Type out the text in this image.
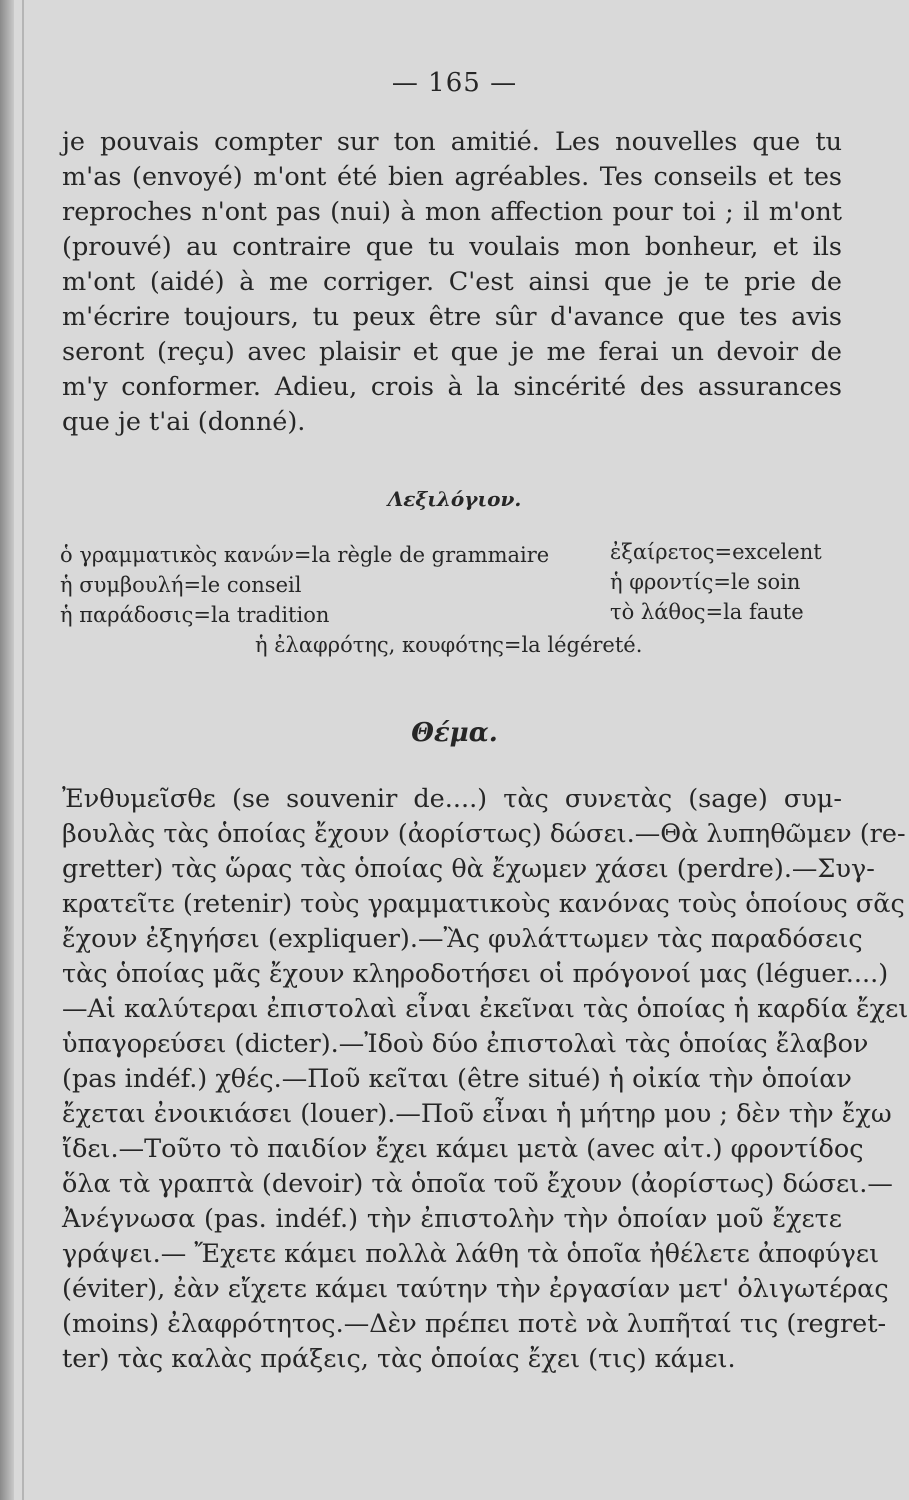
— 165 —
je pouvais compter sur ton amitié. Les nouvelles que tu
m'as (envoyé) m'ont été bien agréables. Tes conseils et tes
reproches n'ont pas (nui) à mon affection pour toi ; il m'ont
(prouvé) au contraire que tu voulais mon bonheur, et ils
m'ont (aidé) à me corriger. C'est ainsi que je te prie de
m'écrire toujours, tu peux être sûr d'avance que tes avis
seront (reçu) avec plaisir et que je me ferai un devoir de
m'y conformer. Adieu, crois à la sincérité des assurances
que je t'ai (donné).
Λεξιλόγιον.
ὁ γραμματικὸς κανών=la règle de grammaire
ἡ συμβουλή=le conseil
ἡ παράδοσις=la tradition
ἐξαίρετος=excelent
ἡ φροντίς=le soin
τὸ λάθος=la faute
ἡ ἐλαφρότης, κουφότης=la légéreté.
Θέμα.
Ἐνθυμεῖσθε (se souvenir de....) τὰς συνετὰς (sage) συμ-
βουλὰς τὰς ὁποίας ἔχουν (ἀορίστως) δώσει.—Θὰ λυπηθῶμεν (re-
gretter) τὰς ὥρας τὰς ὁποίας θὰ ἔχωμεν χάσει (perdre).—Συγ-
κρατεῖτε (retenir) τοὺς γραμματικοὺς κανόνας τοὺς ὁποίους σᾶς
ἔχουν ἐξηγήσει (expliquer).—Ἂς φυλάττωμεν τὰς παραδόσεις
τὰς ὁποίας μᾶς ἔχουν κληροδοτήσει οἱ πρόγονοί μας (léguer....)
—Αἱ καλύτεραι ἐπιστολαὶ εἶναι ἐκεῖναι τὰς ὁποίας ἡ καρδία ἔχει
ὑπαγορεύσει (dicter).—Ἰδοὺ δύο ἐπιστολαὶ τὰς ὁποίας ἔλαβον
(pas indéf.) χθές.—Ποῦ κεῖται (être situé) ἡ οἰκία τὴν ὁποίαν
ἔχεται ἐνοικιάσει (louer).—Ποῦ εἶναι ἡ μήτηρ μου ; δὲν τὴν ἔχω
ἴδει.—Τοῦτο τὸ παιδίον ἔχει κάμει μετὰ (avec αἰτ.) φροντίδος
ὅλα τὰ γραπτὰ (devoir) τὰ ὁποῖα τοῦ ἔχουν (ἀορίστως) δώσει.—
Ἀνέγνωσα (pas. indéf.) τὴν ἐπιστολὴν τὴν ὁποίαν μοῦ ἔχετε
γράψει.— Ἔχετε κάμει πολλὰ λάθη τὰ ὁποῖα ἠθέλετε ἀποφύγει
(éviter), ἐὰν εἴχετε κάμει ταύτην τὴν ἐργασίαν μετ' ὀλιγωτέρας
(moins) ἐλαφρότητος.—Δὲν πρέπει ποτὲ νὰ λυπῆταί τις (regret-
ter) τὰς καλὰς πράξεις, τὰς ὁποίας ἔχει (τις) κάμει.
